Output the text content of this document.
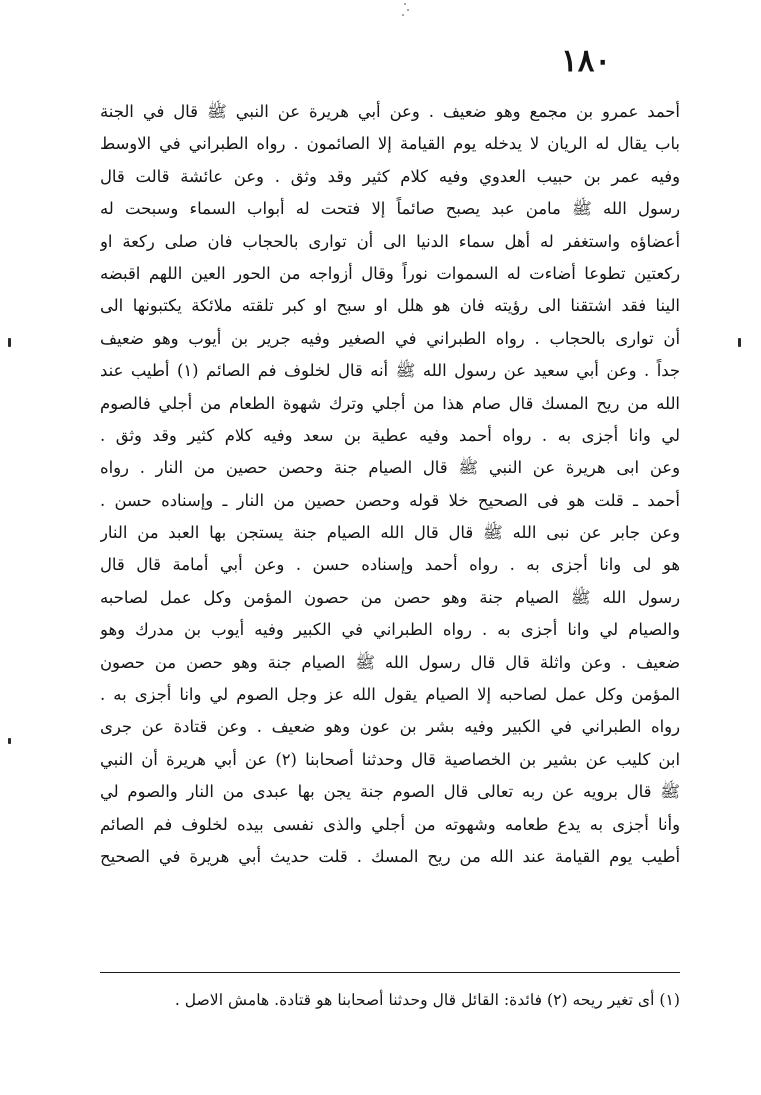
١٨٠
أحمد عمرو بن مجمع وهو ضعيف . وعن أبي هريرة عن النبي ﷺ قال في الجنة
باب يقال له الريان لا يدخله يوم القيامة إلا الصائمون . رواه الطبراني في الاوسط
وفيه عمر بن حبيب العدوي وفيه كلام كثير وقد وثق . وعن عائشة قالت قال
رسول الله ﷺ مامن عبد يصبح صائماً إلا فتحت له أبواب السماء وسبحت له
أعضاؤه واستغفر له أهل سماء الدنيا الى أن توارى بالحجاب فان صلى ركعة او
ركعتين تطوعا أضاءت له السموات نوراً وقال أزواجه من الحور العين اللهم اقبضه
الينا فقد اشتقنا الى رؤيته فان هو هلل او سبح او كبر تلقته ملائكة يكتبونها الى
أن توارى بالحجاب . رواه الطبراني في الصغير وفيه جرير بن أيوب وهو ضعيف
جداً . وعن أبي سعيد عن رسول الله ﷺ أنه قال لخلوف فم الصائم (١) أطيب عند
الله من ريح المسك قال صام هذا من أجلي وترك شهوة الطعام من أجلي فالصوم
لي وانا أجزى به . رواه أحمد وفيه عطية بن سعد وفيه كلام كثير وقد وثق .
وعن ابى هريرة عن النبي ﷺ قال الصيام جنة وحصن حصين من النار . رواه
أحمد ـ قلت هو فى الصحيح خلا قوله وحصن حصين من النار ـ وإسناده حسن .
وعن جابر عن نبى الله ﷺ قال قال الله الصيام جنة يستجن بها العبد من النار
هو لى وانا أجزى به . رواه أحمد وإسناده حسن . وعن أبي أمامة قال قال
رسول الله ﷺ الصيام جنة وهو حصن من حصون المؤمن وكل عمل لصاحبه
والصيام لي وانا أجزى به . رواه الطبراني في الكبير وفيه أيوب بن مدرك وهو
ضعيف . وعن واثلة قال قال رسول الله ﷺ الصيام جنة وهو حصن من حصون
المؤمن وكل عمل لصاحبه إلا الصيام يقول الله عز وجل الصوم لي وانا أجزى به .
رواه الطبراني في الكبير وفيه بشر بن عون وهو ضعيف . وعن قتادة عن جرى
ابن كليب عن بشير بن الخصاصية قال وحدثنا أصحابنا (٢) عن أبي هريرة أن النبي
ﷺ قال برويه عن ربه تعالى قال الصوم جنة يجن بها عبدى من النار والصوم لي
وأنا أجزى به يدع طعامه وشهوته من أجلي والذى نفسى بيده لخلوف فم الصائم
أطيب يوم القيامة عند الله من ريح المسك . قلت حديث أبي هريرة في الصحيح
(١) أى تغير ريحه (٢) فائدة: القائل قال وحدثنا أصحابنا هو قتادة. هامش الاصل .
